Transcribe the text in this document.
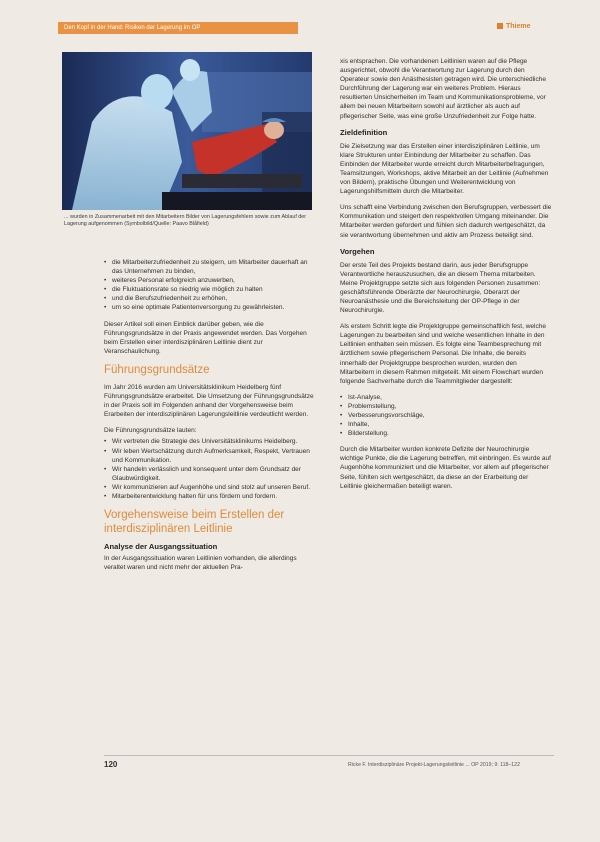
Den Kopf in der Hand: Risiken der Lagerung im OP	Thieme
... wurden in Zusammenarbeit mit den Mitarbeitern Bilder von Lagerungsfehlern sowie zum Ablauf der Lagerung aufgenommen (Symbolbild/Quelle: Paavo Blåfield)
• die Mitarbeiterzufriedenheit zu steigern, um Mitarbeiter dauerhaft an das Unternehmen zu binden,
• weiteres Personal erfolgreich anzuwerben,
• die Fluktuationsrate so niedrig wie möglich zu halten
• und die Berufszufriedenheit zu erhöhen,
• um so eine optimale Patientenversorgung zu gewährleisten.

Dieser Artikel soll einen Einblick darüber geben, wie die Führungsgrundsätze in der Praxis angewendet werden. Das Vorgehen beim Erstellen einer interdisziplinären Leitlinie dient zur Veranschaulichung.

Führungsgrundsätze

Im Jahr 2016 wurden am Universitätsklinikum Heidelberg fünf Führungsgrundsätze erarbeitet. Die Umsetzung der Führungsgrundsätze in der Praxis soll im Folgenden anhand der Vorgehensweise beim Erarbeiten der interdisziplinären Lagerungsleitlinie verdeutlicht werden.

Die Führungsgrundsätze lauten:

• Wir vertreten die Strategie des Universitätsklinikums Heidelberg.
• Wir leben Wertschätzung durch Aufmerksamkeit, Respekt, Vertrauen und Kommunikation.
• Wir handeln verlässlich und konsequent unter dem Grundsatz der Glaubwürdigkeit.
• Wir kommunizieren auf Augenhöhe und sind stolz auf unseren Beruf.
• Mitarbeiterentwicklung halten für uns fördern und fordern.
Vorgehensweise beim Erstellen der interdisziplinären Leitlinie
Analyse der Ausgangssituation

In der Ausgangssituation waren Leitlinien vorhanden, die allerdings veraltet waren und nicht mehr der aktuellen Pra-

xis entsprachen. Die vorhandenen Leitlinien waren auf die Pflege ausgerichtet, obwohl die Verantwortung zur Lagerung durch den Operateur sowie den Anästhesisten getragen wird. Die unterschiedliche Durchführung der Lagerung war ein weiteres Problem. Hieraus resultierten Unsicherheiten im Team und Kommunikationsprobleme, vor allem bei neuen Mitarbeitern sowohl auf ärztlicher als auch auf pflegerischer Seite, was eine große Unzufriedenheit zur Folge hatte.

Zieldefinition

Die Zielsetzung war das Erstellen einer interdisziplinären Leitlinie, um klare Strukturen unter Einbindung der Mitarbeiter zu schaffen. Das Einbinden der Mitarbeiter wurde erreicht durch Mitarbeiterbefragungen, Teamsitzungen, Workshops, aktive Mitarbeit an der Leitlinie (Aufnehmen von Bildern), praktische Übungen und Weiterentwicklung von Lagerungshilfsmitteln durch die Mitarbeiter.

Uns schafft eine Verbindung zwischen den Berufsgruppen, verbessert die Kommunikation und steigert den respektvollen Umgang miteinander. Die Mitarbeiter werden gefordert und fühlen sich dadurch wertgeschätzt, da sie verantwortung übernehmen und aktiv am Prozess beteiligt sind.

Vorgehen

Der erste Teil des Projekts bestand darin, aus jeder Berufsgruppe Verantwortliche herauszusuchen, die an diesem Thema mitarbeiten. Meine Projektgruppe setzte sich aus folgenden Personen zusammen: geschäftsführende Oberärzte der Neurochirurgie, Oberarzt der Neuroanästhesie und die Bereichsleitung der OP-Pflege in der Neurochirurgie.

Als erstem Schritt legte die Projektgruppe gemeinschaftlich fest, welche Lagerungen zu bearbeiten sind und welche wesentlichen Inhalte in den Leitlinien enthalten sein müssen. Es folgte eine Teambesprechung mit ärztlichem sowie pflegerischem Personal. Die Inhalte, die bereits innerhalb der Projektgruppe besprochen wurden, wurden den Mitarbeitern in diesem Rahmen mitgeteilt. Mit einem Flowchart wurden folgende Sachverhalte durch die Teammitglieder dargestellt:

• Ist-Analyse,
• Problemstellung,
• Verbesserungsvorschläge,
• Inhalte,
• Bilderstellung.

Durch die Mitarbeiter wurden konkrete Defizite der Neurochirurgie wichtige Punkte, die die Lagerung betreffen, mit einbringen. Es wurde auf Augenhöhe kommuniziert und die Mitarbeiter, vor allem auf pflegerischer Seite, fühlten sich wertgeschätzt, da diese an der Erarbeitung der Leitlinie gleichermaßen beteiligt waren.

120	Ricke F. Interdisziplinäre Projekt-Lagerungsleitlinie ... OP 2019; 9: 118–122
